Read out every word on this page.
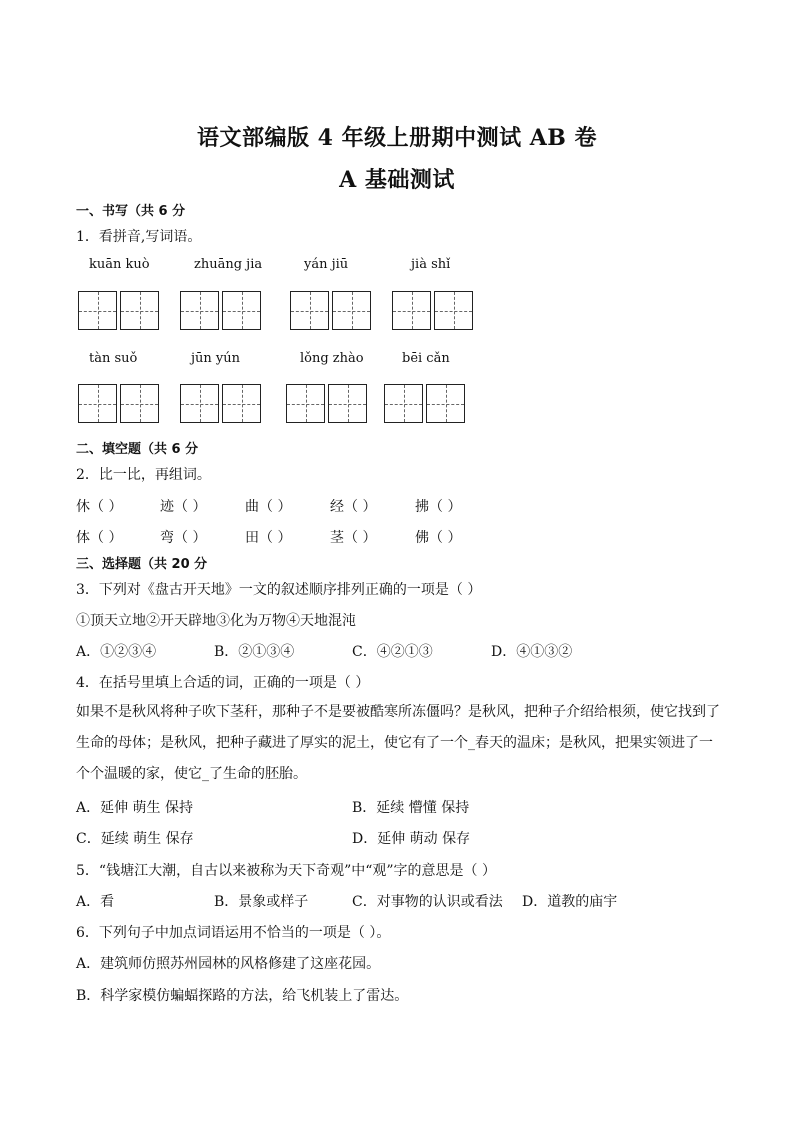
语文部编版 4 年级上册期中测试 AB 卷
A 基础测试
一、书写（共 6 分
1．看拼音,写词语。
kuān kuò	zhuāng jia	yán jiū	jià shǐ
tàn suǒ	jūn yún	lǒng zhào	bēi cǎn
二、填空题（共 6 分
2．比一比，再组词。
休（ ）	迹（ ）	曲（ ）	经（ ）	拂（ ）
体（ ）	弯（ ）	田（ ）	茎（ ）	佛（ ）
三、选择题（共 20 分
3．下列对《盘古开天地》一文的叙述顺序排列正确的一项是（ ）
①顶天立地②开天辟地③化为万物④天地混沌
A．①②③④	B．②①③④	C．④②①③	D．④①③②
4．在括号里填上合适的词，正确的一项是（ ）
如果不是秋风将种子吹下茎秆，那种子不是要被酷寒所冻僵吗？是秋风，把种子介绍给根须，使它找到了生命的母体；是秋风，把种子藏进了厚实的泥土，使它有了一个_春天的温床；是秋风，把果实领进了一个个温暖的家，使它_了生命的胚胎。
A．延伸 萌生 保持	B．延续 懵懂 保持
C．延续 萌生 保存	D．延伸 萌动 保存
5．“钱塘江大潮，自古以来被称为天下奇观”中“观”字的意思是（ ）
A．看	B．景象或样子	C．对事物的认识或看法 D．道教的庙宇
6．下列句子中加点词语运用不恰当的一项是（ ）。
A．建筑师仿照苏州园林的风格修建了这座花园。
B．科学家模仿蝙蝠探路的方法，给飞机装上了雷达。
